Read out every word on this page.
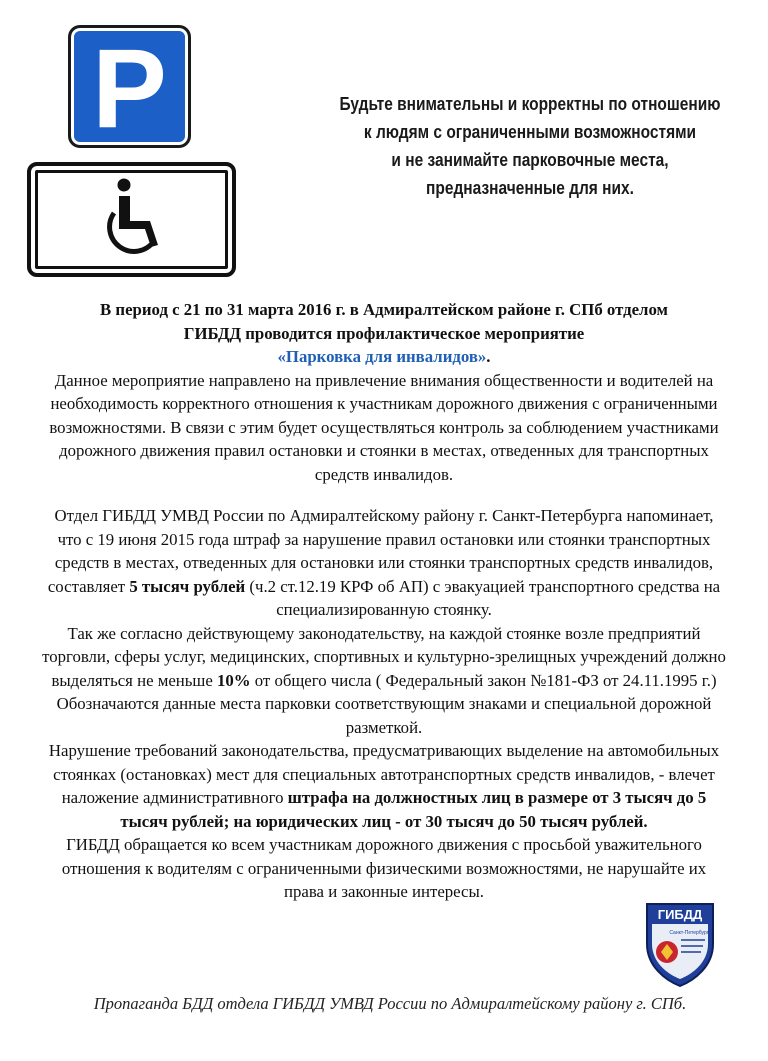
P	Будьте внимательны и корректны по отношению
к людям с ограниченными возможностями
и не занимайте парковочные места,
предназначенные для них.

В период с 21 по 31 марта 2016 г. в Адмиралтейском районе г. СПб отделом

ГИБДД проводится профилактическое мероприятие

«Парковка для инвалидов».

Данное мероприятие направлено на привлечение внимания общественности и водителей на необходимость корректного отношения к участникам дорожного движения с ограниченными возможностями. В связи с этим будет осуществляться контроль за соблюдением участниками дорожного движения правил остановки и стоянки в местах, отведенных для транспортных средств инвалидов.

Отдел ГИБДД УМВД России по Адмиралтейскому району г. Санкт-Петербурга напоминает, что с 19 июня 2015 года штраф за нарушение правил остановки или стоянки транспортных средств в местах, отведенных для остановки или стоянки транспортных средств инвалидов, составляет 5 тысяч рублей (ч.2 ст.12.19 КРФ об АП) с эвакуацией транспортного средства на специализированную стоянку.

Так же согласно действующему законодательству, на каждой стоянке возле предприятий торговли, сферы услуг, медицинских, спортивных и культурно-зрелищных учреждений должно выделяться не меньше 10% от общего числа ( Федеральный закон №181-ФЗ от 24.11.1995 г.) Обозначаются данные места парковки соответствующим знаками и специальной дорожной разметкой.

Нарушение требований законодательства, предусматривающих выделение на автомобильных стоянках (остановках) мест для специальных автотранспортных средств инвалидов, - влечет наложение административного штрафа на должностных лиц в размере от 3 тысяч до 5 тысяч рублей; на юридических лиц - от 30 тысяч до 50 тысяч рублей.

ГИБДД обращается ко всем участникам дорожного движения с просьбой уважительного отношения к водителям с ограниченными физическими возможностями, не нарушайте их права и законные интересы.

ГИБДД
Санкт-Петербург
Пропаганда БДД отдела ГИБДД УМВД России по Адмиралтейскому району г. СПб.
